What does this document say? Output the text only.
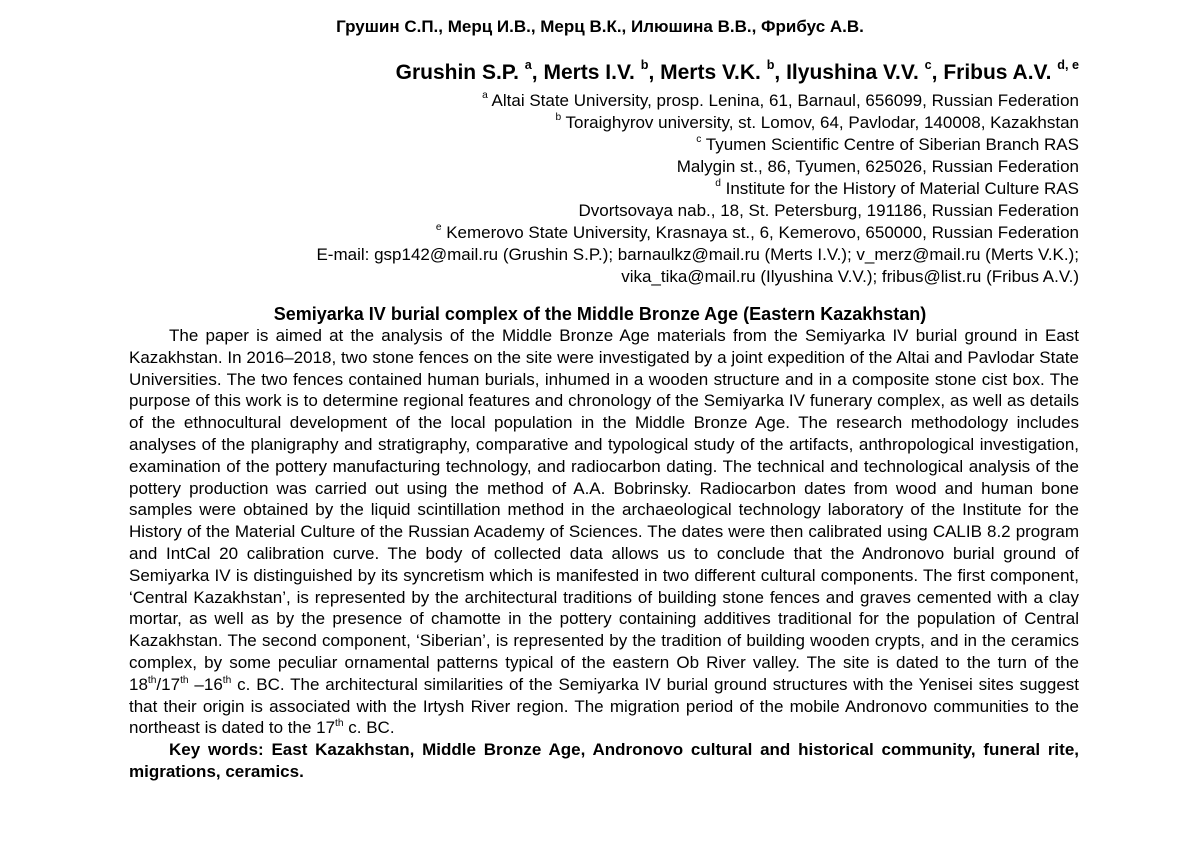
Грушин С.П., Мерц И.В., Мерц В.К., Илюшина В.В., Фрибус А.В.
Grushin S.P. $^a$, Merts I.V. $^b$, Merts V.K. $^b$, Ilyushina V.V. $^c$, Fribus A.V. $^{d, e}$
$^a$ Altai State University, prosp. Lenina, 61, Barnaul, 656099, Russian Federation
$^b$ Toraighyrov university, st. Lomov, 64, Pavlodar, 140008, Kazakhstan
$^c$ Tyumen Scientific Centre of Siberian Branch RAS
Malygin st., 86, Tyumen, 625026, Russian Federation
$^d$ Institute for the History of Material Culture RAS
Dvortsovaya nab., 18, St. Petersburg, 191186, Russian Federation
$^e$ Kemerovo State University, Krasnaya st., 6, Kemerovo, 650000, Russian Federation
E-mail: gsp142@mail.ru (Grushin S.P.); barnaulkz@mail.ru (Merts I.V.); v_merz@mail.ru (Merts V.K.);
vika_tika@mail.ru (Ilyushina V.V.); fribus@list.ru (Fribus A.V.)
Semiyarka IV burial complex of the Middle Bronze Age (Eastern Kazakhstan)

The paper is aimed at the analysis of the Middle Bronze Age materials from the Semiyarka IV burial ground in East Kazakhstan. In 2016–2018, two stone fences on the site were investigated by a joint expedition of the Altai and Pavlodar State Universities. The two fences contained human burials, inhumed in a wooden structure and in a composite stone cist box. The purpose of this work is to determine regional features and chronology of the Semiyarka IV funerary complex, as well as details of the ethnocultural development of the local population in the Middle Bronze Age. The research methodology includes analyses of the planigraphy and stratigraphy, comparative and typological study of the artifacts, anthropological investigation, examination of the pottery manufacturing technology, and radiocarbon dating. The technical and technological analysis of the pottery production was carried out using the method of A.A. Bobrinsky. Radiocarbon dates from wood and human bone samples were obtained by the liquid scintillation method in the archaeological technology laboratory of the Institute for the History of the Material Culture of the Russian Academy of Sciences. The dates were then calibrated using CALIB 8.2 program and IntCal 20 calibration curve. The body of collected data allows us to conclude that the Andronovo burial ground of Semiyarka IV is distinguished by its syncretism which is manifested in two different cultural components. The first component, ‘Central Kazakhstan’, is represented by the architectural traditions of building stone fences and graves cemented with a clay mortar, as well as by the presence of chamotte in the pottery containing additives traditional for the population of Central Kazakhstan. The second component, ‘Siberian’, is represented by the tradition of building wooden crypts, and in the ceramics complex, by some peculiar ornamental patterns typical of the eastern Ob River valley. The site is dated to the turn of the 18th/17th –16th c. BC. The architectural similarities of the Semiyarka IV burial ground structures with the Yenisei sites suggest that their origin is associated with the Irtysh River region. The migration period of the mobile Andronovo communities to the northeast is dated to the 17th c. BC.

Key words: East Kazakhstan, Middle Bronze Age, Andronovo cultural and historical community, funeral rite, migrations, ceramics.
